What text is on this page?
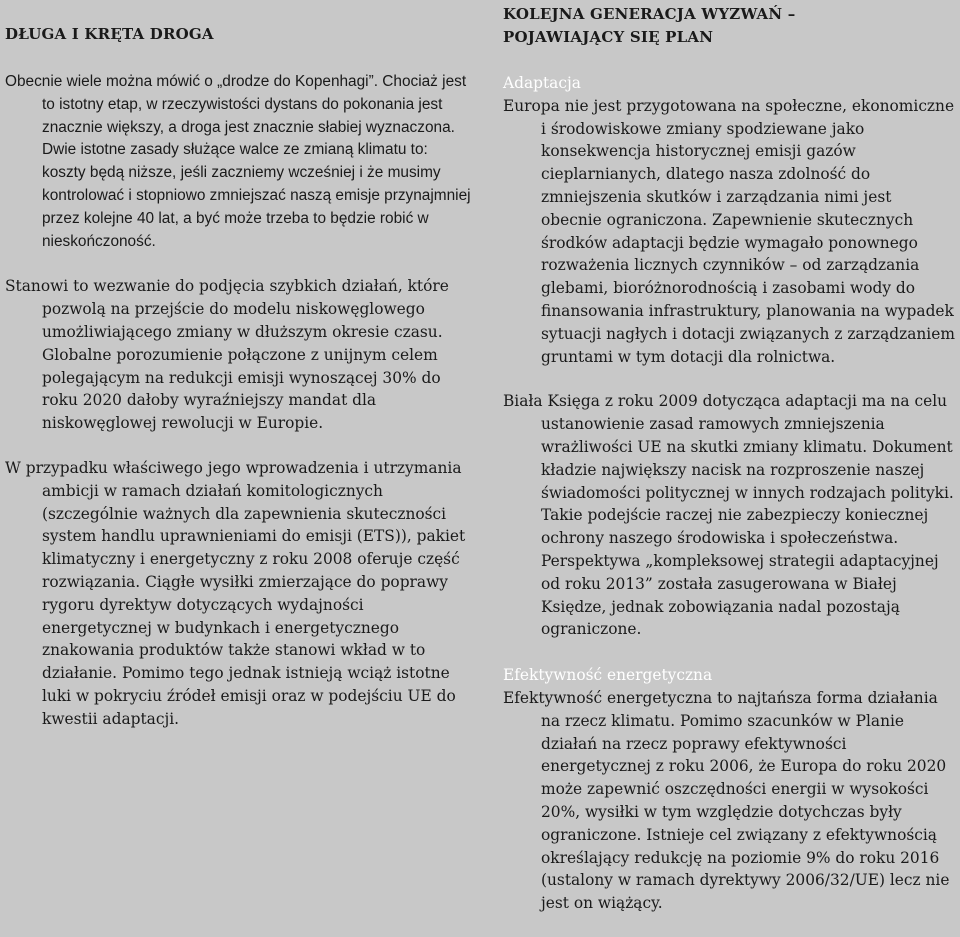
DŁUGA I KRĘTA DROGA

Obecnie wiele można mówić o „drodze do Kopenhagi”. Chociaż jest to istotny etap, w rzeczywistości dystans do pokonania jest znacznie większy, a droga jest znacznie słabiej wyznaczona. Dwie istotne zasady służące walce ze zmianą klimatu to: koszty będą niższe, jeśli zaczniemy wcześniej i że musimy kontrolować i stopniowo zmniejszać naszą emisje przynajmniej przez kolejne 40 lat, a być może trzeba to będzie robić w nieskończoność.

Stanowi to wezwanie do podjęcia szybkich działań, które pozwolą na przejście do modelu niskowęglowego umożliwiającego zmiany w dłuższym okresie czasu. Globalne porozumienie połączone z unijnym celem polegającym na redukcji emisji wynoszącej 30% do roku 2020 dałoby wyraźniejszy mandat dla niskowęglowej rewolucji w Europie.

W przypadku właściwego jego wprowadzenia i utrzymania ambicji w ramach działań komitologicznych (szczególnie ważnych dla zapewnienia skuteczności system handlu uprawnieniami do emisji (ETS)), pakiet klimatyczny i energetyczny z roku 2008 oferuje część rozwiązania. Ciągłe wysiłki zmierzające do poprawy rygoru dyrektyw dotyczących wydajności energetycznej w budynkach i energetycznego znakowania produktów także stanowi wkład w to działanie. Pomimo tego jednak istnieją wciąż istotne luki w pokryciu źródeł emisji oraz w podejściu UE do kwestii adaptacji.

KOLEJNA GENERACJA WYZWAŃ –
POJAWIAJĄCY SIĘ PLAN

Adaptacja

Europa nie jest przygotowana na społeczne, ekonomiczne i środowiskowe zmiany spodziewane jako konsekwencja historycznej emisji gazów cieplarnianych, dlatego nasza zdolność do zmniejszenia skutków i zarządzania nimi jest obecnie ograniczona. Zapewnienie skutecznych środków adaptacji będzie wymagało ponownego rozważenia licznych czynników – od zarządzania glebami, bioróżnorodnością i zasobami wody do finansowania infrastruktury, planowania na wypadek sytuacji nagłych i dotacji związanych z zarządzaniem gruntami w tym dotacji dla rolnictwa.

Biała Księga z roku 2009 dotycząca adaptacji ma na celu ustanowienie zasad ramowych zmniejszenia wrażliwości UE na skutki zmiany klimatu. Dokument kładzie największy nacisk na rozproszenie naszej świadomości politycznej w innych rodzajach polityki. Takie podejście raczej nie zabezpieczy koniecznej ochrony naszego środowiska i społeczeństwa. Perspektywa „kompleksowej strategii adaptacyjnej od roku 2013” została zasugerowana w Białej Księdze, jednak zobowiązania nadal pozostają ograniczone.

Efektywność energetyczna

Efektywność energetyczna to najtańsza forma działania na rzecz klimatu. Pomimo szacunków w Planie działań na rzecz poprawy efektywności energetycznej z roku 2006, że Europa do roku 2020 może zapewnić oszczędności energii w wysokości 20%, wysiłki w tym względzie dotychczas były ograniczone. Istnieje cel związany z efektywnością określający redukcję na poziomie 9% do roku 2016 (ustalony w ramach dyrektywy 2006/32/UE) lecz nie jest on wiążący.
